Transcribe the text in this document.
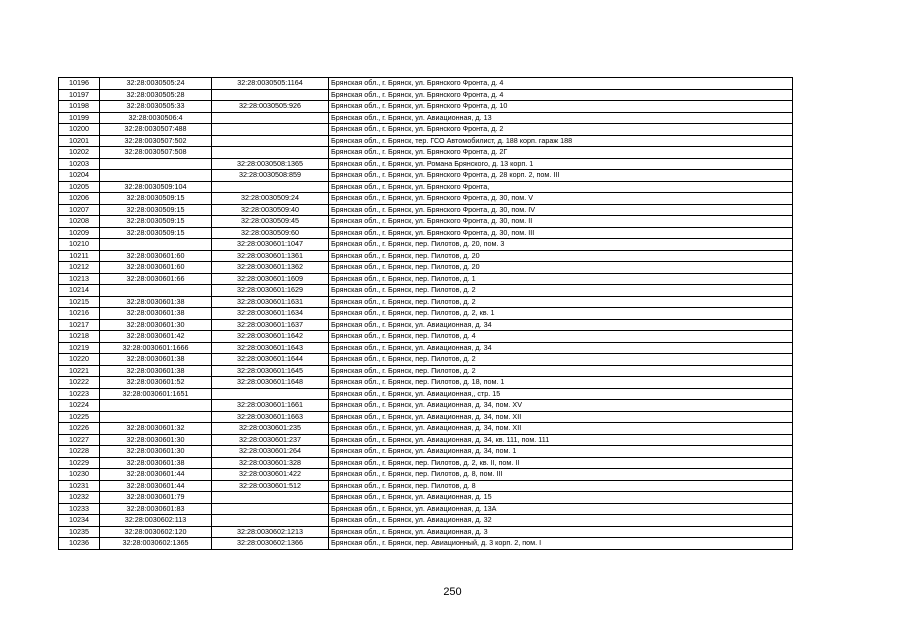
10196	32:28:0030505:24	32:28:0030505:1164	Брянская обл., г. Брянск, ул. Брянского Фронта, д. 4
10197	32:28:0030505:28		Брянская обл., г. Брянск, ул. Брянского Фронта, д. 4
10198	32:28:0030505:33	32:28:0030505:926	Брянская обл., г. Брянск, ул. Брянского Фронта, д. 10
10199	32:28:0030506:4		Брянская обл., г. Брянск, ул. Авиационная, д. 13
10200	32:28:0030507:488		Брянская обл., г. Брянск, ул. Брянского Фронта, д. 2
10201	32:28:0030507:502		Брянская обл., г. Брянск, тер. ГСО Автомобилист, д. 188 корп. гараж 188
10202	32:28:0030507:508		Брянская обл., г. Брянск, ул. Брянского Фронта, д. 2Г
10203		32:28:0030508:1365	Брянская обл., г. Брянск, ул. Романа Брянского, д. 13 корп. 1
10204		32:28:0030508:859	Брянская обл., г. Брянск, ул. Брянского Фронта, д. 28 корп. 2, пом. III
10205	32:28:0030509:104		Брянская обл., г. Брянск, ул. Брянского Фронта,
10206	32:28:0030509:15	32:28:0030509:24	Брянская обл., г. Брянск, ул. Брянского Фронта, д. 30, пом. V
10207	32:28:0030509:15	32:28:0030509:40	Брянская обл., г. Брянск, ул. Брянского Фронта, д. 30, пом. IV
10208	32:28:0030509:15	32:28:0030509:45	Брянская обл., г. Брянск, ул. Брянского Фронта, д. 30, пом. II
10209	32:28:0030509:15	32:28:0030509:60	Брянская обл., г. Брянск, ул. Брянского Фронта, д. 30, пом. III
10210		32:28:0030601:1047	Брянская обл., г. Брянск, пер. Пилотов, д. 20, пом. 3
10211	32:28:0030601:60	32:28:0030601:1361	Брянская обл., г. Брянск, пер. Пилотов, д. 20
10212	32:28:0030601:60	32:28:0030601:1362	Брянская обл., г. Брянск, пер. Пилотов, д. 20
10213	32:28:0030601:66	32:28:0030601:1609	Брянская обл., г. Брянск, пер. Пилотов, д. 1
10214		32:28:0030601:1629	Брянская обл., г. Брянск, пер. Пилотов, д. 2
10215	32:28:0030601:38	32:28:0030601:1631	Брянская обл., г. Брянск, пер. Пилотов, д. 2
10216	32:28:0030601:38	32:28:0030601:1634	Брянская обл., г. Брянск, пер. Пилотов, д. 2, кв. 1
10217	32:28:0030601:30	32:28:0030601:1637	Брянская обл., г. Брянск, ул. Авиационная, д. 34
10218	32:28:0030601:42	32:28:0030601:1642	Брянская обл., г. Брянск, пер. Пилотов, д. 4
10219	32:28:0030601:1666	32:28:0030601:1643	Брянская обл., г. Брянск, ул. Авиационная, д. 34
10220	32:28:0030601:38	32:28:0030601:1644	Брянская обл., г. Брянск, пер. Пилотов, д. 2
10221	32:28:0030601:38	32:28:0030601:1645	Брянская обл., г. Брянск, пер. Пилотов, д. 2
10222	32:28:0030601:52	32:28:0030601:1648	Брянская обл., г. Брянск, пер. Пилотов, д. 18, пом. 1
10223	32:28:0030601:1651		Брянская обл., г. Брянск, ул. Авиационная,, стр. 15
10224		32:28:0030601:1661	Брянская обл., г. Брянск, ул. Авиационная, д. 34, пом. XV
10225		32:28:0030601:1663	Брянская обл., г. Брянск, ул. Авиационная, д. 34, пом. XII
10226	32:28:0030601:32	32:28:0030601:235	Брянская обл., г. Брянск, ул. Авиационная, д. 34, пом. XII
10227	32:28:0030601:30	32:28:0030601:237	Брянская обл., г. Брянск, ул. Авиационная, д. 34, кв. 111, пом. 111
10228	32:28:0030601:30	32:28:0030601:264	Брянская обл., г. Брянск, ул. Авиационная, д. 34, пом. 1
10229	32:28:0030601:38	32:28:0030601:328	Брянская обл., г. Брянск, пер. Пилотов, д. 2, кв. II, пом. II
10230	32:28:0030601:44	32:28:0030601:422	Брянская обл., г. Брянск, пер. Пилотов, д. 8, пом. III
10231	32:28:0030601:44	32:28:0030601:512	Брянская обл., г. Брянск, пер. Пилотов, д. 8
10232	32:28:0030601:79		Брянская обл., г. Брянск, ул. Авиационная, д. 15
10233	32:28:0030601:83		Брянская обл., г. Брянск, ул. Авиационная, д. 13А
10234	32:28:0030602:113		Брянская обл., г. Брянск, ул. Авиационная, д. 32
10235	32:28:0030602:120	32:28:0030602:1213	Брянская обл., г. Брянск, ул. Авиационная, д. 3
10236	32:28:0030602:1365	32:28:0030602:1366	Брянская обл., г. Брянск, пер. Авиационный, д. 3 корп. 2, пом. I
250
